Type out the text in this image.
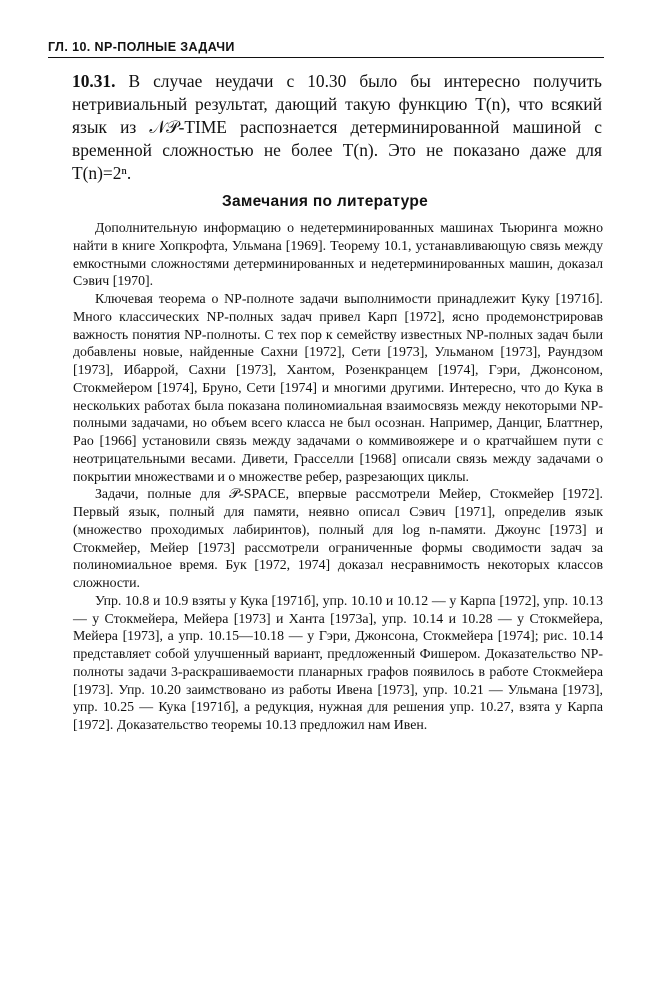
ГЛ. 10. NP-ПОЛНЫЕ ЗАДАЧИ
10.31. В случае неудачи с 10.30 было бы интересно получить нетривиальный результат, дающий такую функцию T(n), что всякий язык из 𝒩𝒫-TIME распознается детерминированной машиной с временной сложностью не более T(n). Это не показано даже для T(n)=2ⁿ.
Замечания по литературе

Дополнительную информацию о недетерминированных машинах Тьюринга можно найти в книге Хопкрофта, Ульмана [1969]. Теорему 10.1, устанавливающую связь между емкостными сложностями детерминированных и недетерминированных машин, доказал Сэвич [1970].

Ключевая теорема о NP-полноте задачи выполнимости принадлежит Куку [1971б]. Много классических NP-полных задач привел Карп [1972], ясно продемонстрировав важность понятия NP-полноты. С тех пор к семейству известных NP-полных задач были добавлены новые, найденные Сахни [1972], Сети [1973], Ульманом [1973], Раундзом [1973], Ибаррой, Сахни [1973], Хантом, Розенкранцем [1974], Гэри, Джонсоном, Стокмейером [1974], Бруно, Сети [1974] и многими другими. Интересно, что до Кука в нескольких работах была показана полиномиальная взаимосвязь между некоторыми NP-полными задачами, но объем всего класса не был осознан. Например, Данциг, Блаттнер, Рао [1966] установили связь между задачами о коммивояжере и о кратчайшем пути с неотрицательными весами. Дивети, Грасселли [1968] описали связь между задачами о покрытии множествами и о множестве ребер, разрезающих циклы.

Задачи, полные для 𝒫-SPACE, впервые рассмотрели Мейер, Стокмейер [1972]. Первый язык, полный для памяти, неявно описал Сэвич [1971], определив язык (множество проходимых лабиринтов), полный для log n-памяти. Джоунс [1973] и Стокмейер, Мейер [1973] рассмотрели ограниченные формы сводимости задач за полиномиальное время. Бук [1972, 1974] доказал несравнимость некоторых классов сложности.

Упр. 10.8 и 10.9 взяты у Кука [1971б], упр. 10.10 и 10.12 — у Карпа [1972], упр. 10.13 — у Стокмейера, Мейера [1973] и Ханта [1973а], упр. 10.14 и 10.28 — у Стокмейера, Мейера [1973], а упр. 10.15—10.18 — у Гэри, Джонсона, Стокмейера [1974]; рис. 10.14 представляет собой улучшенный вариант, предложенный Фишером. Доказательство NP-полноты задачи 3-раскрашиваемости планарных графов появилось в работе Стокмейера [1973]. Упр. 10.20 заимствовано из работы Ивена [1973], упр. 10.21 — Ульмана [1973], упр. 10.25 — Кука [1971б], а редукция, нужная для решения упр. 10.27, взята у Карпа [1972]. Доказательство теоремы 10.13 предложил нам Ивен.
